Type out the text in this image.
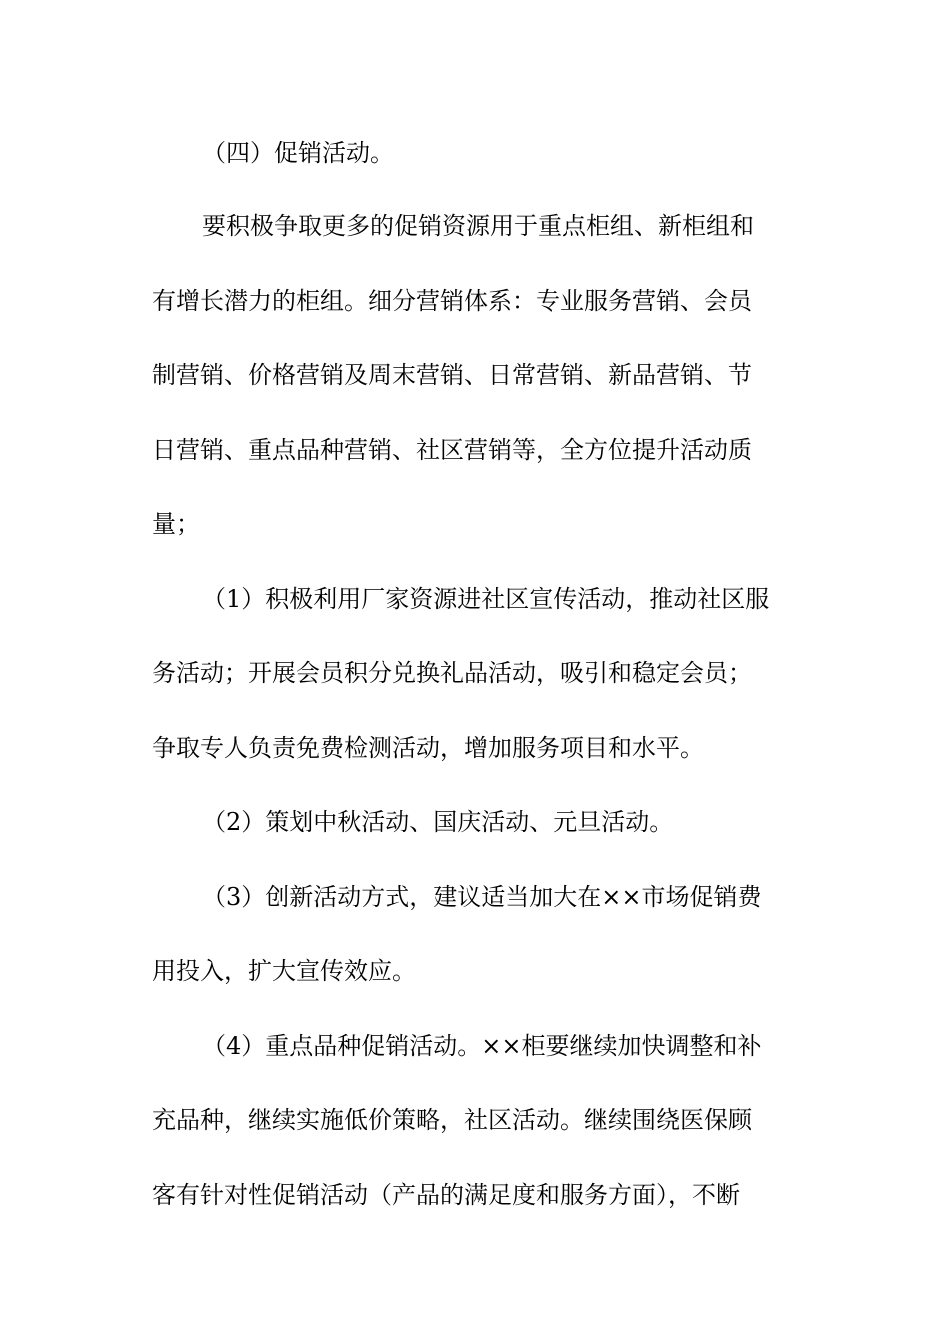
（四）促销活动。
要积极争取更多的促销资源用于重点柜组、新柜组和
有增长潜力的柜组。细分营销体系：专业服务营销、会员
制营销、价格营销及周末营销、日常营销、新品营销、节
日营销、重点品种营销、社区营销等，全方位提升活动质
量；
（1）积极利用厂家资源进社区宣传活动，推动社区服
务活动；开展会员积分兑换礼品活动，吸引和稳定会员；
争取专人负责免费检测活动，增加服务项目和水平。
（2）策划中秋活动、国庆活动、元旦活动。
（3）创新活动方式，建议适当加大在××市场促销费
用投入，扩大宣传效应。
（4）重点品种促销活动。××柜要继续加快调整和补
充品种，继续实施低价策略，社区活动。继续围绕医保顾
客有针对性促销活动（产品的满足度和服务方面），不断
